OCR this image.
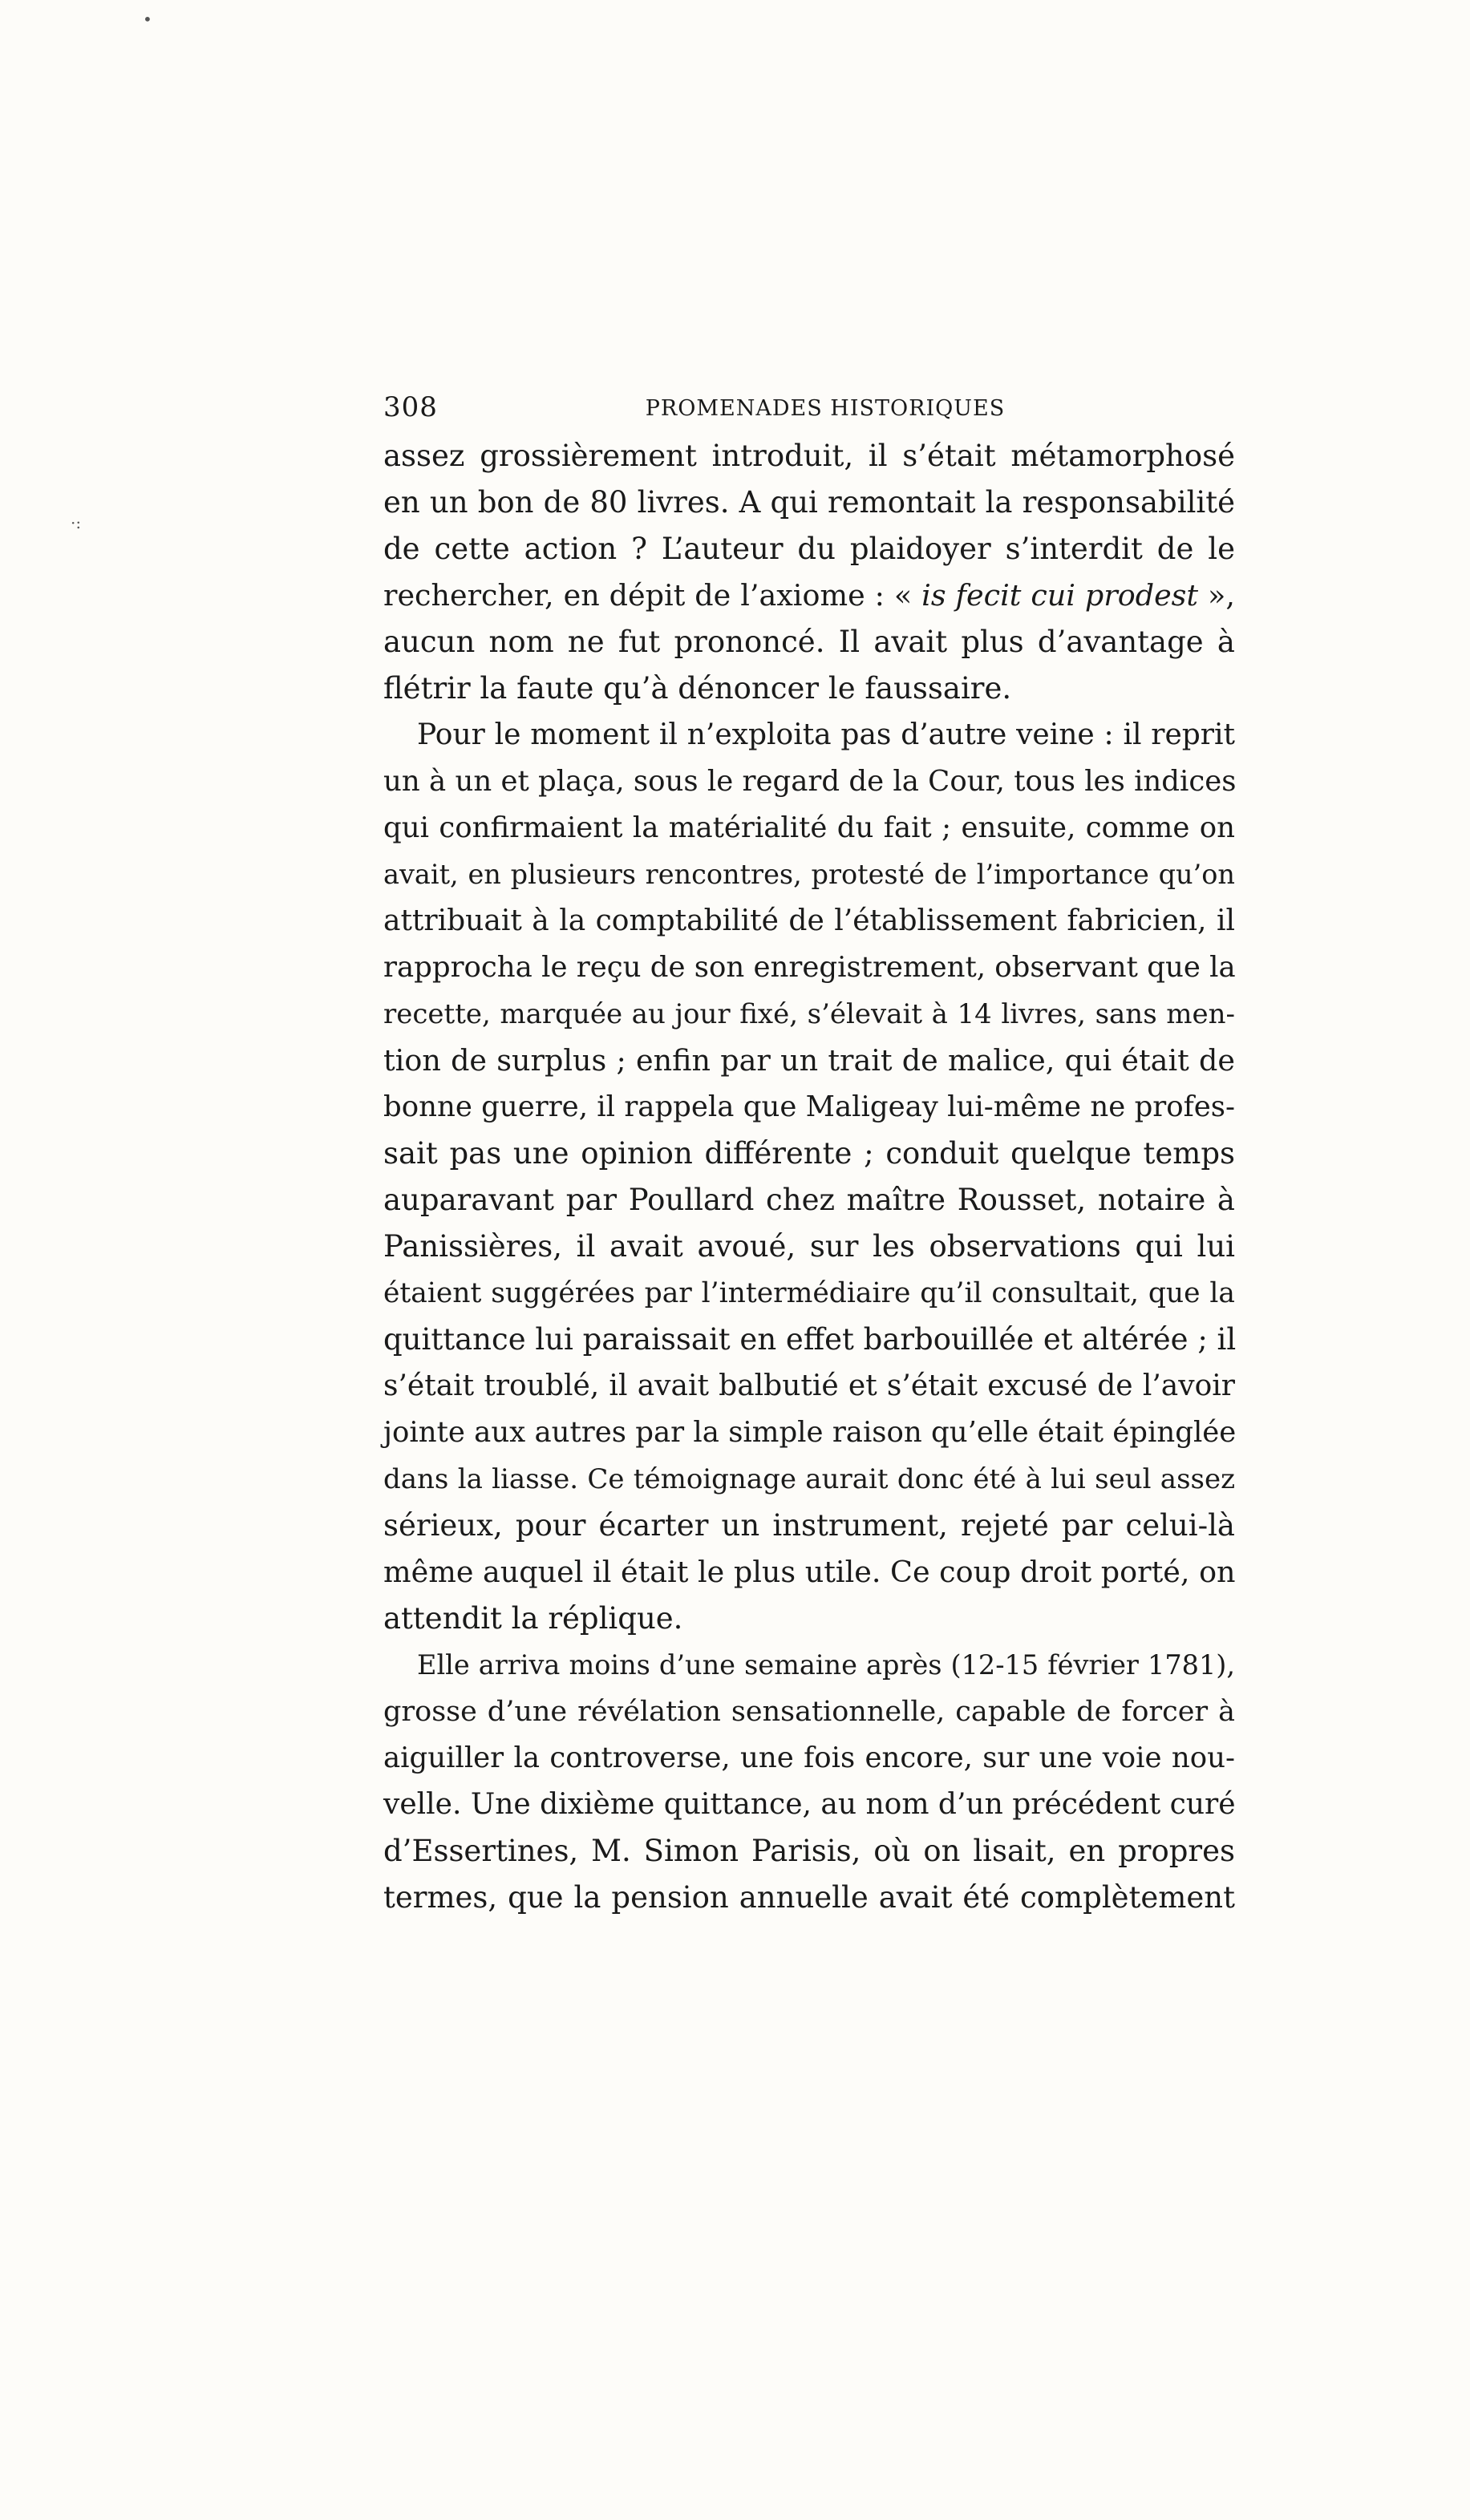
•
·:
308	PROMENADES HISTORIQUES

assez grossièrement introduit, il s’était métamorphosé
en un bon de 80 livres. A qui remontait la responsabilité
de cette action ? L’auteur du plaidoyer s’interdit de le
rechercher, en dépit de l’axiome : « is fecit cui prodest »,
aucun nom ne fut prononcé. Il avait plus d’avantage à
flétrir la faute qu’à dénoncer le faussaire.

Pour le moment il n’exploita pas d’autre veine : il reprit
un à un et plaça, sous le regard de la Cour, tous les indices
qui confirmaient la matérialité du fait ; ensuite, comme on
avait, en plusieurs rencontres, protesté de l’importance qu’on
attribuait à la comptabilité de l’établissement fabricien, il
rapprocha le reçu de son enregistrement, observant que la
recette, marquée au jour fixé, s’élevait à 14 livres, sans men-
tion de surplus ; enfin par un trait de malice, qui était de
bonne guerre, il rappela que Maligeay lui-même ne profes-
sait pas une opinion différente ; conduit quelque temps
auparavant par Poullard chez maître Rousset, notaire à
Panissières, il avait avoué, sur les observations qui lui
étaient suggérées par l’intermédiaire qu’il consultait, que la
quittance lui paraissait en effet barbouillée et altérée ; il
s’était troublé, il avait balbutié et s’était excusé de l’avoir
jointe aux autres par la simple raison qu’elle était épinglée
dans la liasse. Ce témoignage aurait donc été à lui seul assez
sérieux, pour écarter un instrument, rejeté par celui-là
même auquel il était le plus utile. Ce coup droit porté, on
attendit la réplique.

Elle arriva moins d’une semaine après (12-15 février 1781),
grosse d’une révélation sensationnelle, capable de forcer à
aiguiller la controverse, une fois encore, sur une voie nou-
velle. Une dixième quittance, au nom d’un précédent curé
d’Essertines, M. Simon Parisis, où on lisait, en propres
termes, que la pension annuelle avait été complètement
